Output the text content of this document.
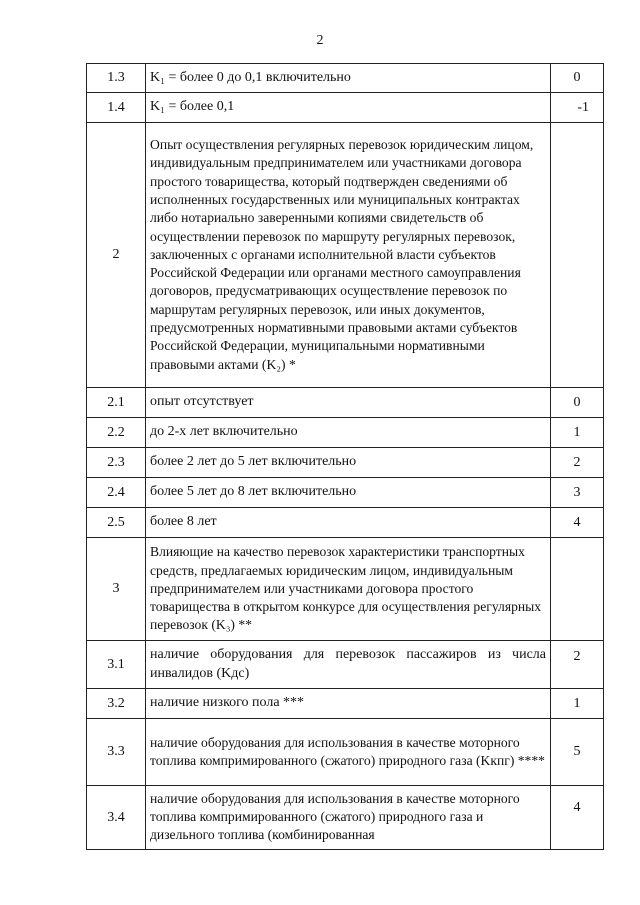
2
1.3	K₁ = более 0 до 0,1 включительно	0
1.4	K₁ = более 0,1	-1
2	Опыт осуществления регулярных перевозок юридическим лицом, индивидуальным предпринимателем или участниками договора простого товарищества, который подтвержден сведениями об исполненных государственных или муниципальных контрактах либо нотариально заверенными копиями свидетельств об осуществлении перевозок по маршруту регулярных перевозок, заключенных с органами исполнительной власти субъектов Российской Федерации или органами местного самоуправления договоров, предусматривающих осуществление перевозок по маршрутам регулярных перевозок, или иных документов, предусмотренных нормативными правовыми актами субъектов Российской Федерации, муниципальными нормативными правовыми актами (K₂) *	
2.1	опыт отсутствует	0
2.2	до 2-х лет включительно	1
2.3	более 2 лет до 5 лет включительно	2
2.4	более 5 лет до 8 лет включительно	3
2.5	более 8 лет	4
3	Влияющие на качество перевозок характеристики транспортных средств, предлагаемых юридическим лицом, индивидуальным предпринимателем или участниками договора простого товарищества в открытом конкурсе для осуществления регулярных перевозок (K₃) **	
3.1	наличие оборудования для перевозок пассажиров из числа инвалидов (Kдс)	2
3.2	наличие низкого пола ***	1
3.3	наличие оборудования для использования в качестве моторного топлива компримированного (сжатого) природного газа (Kкпг) ****	5
3.4	наличие оборудования для использования в качестве моторного топлива компримированного (сжатого) природного газа и дизельного топлива (комбинированная	4
